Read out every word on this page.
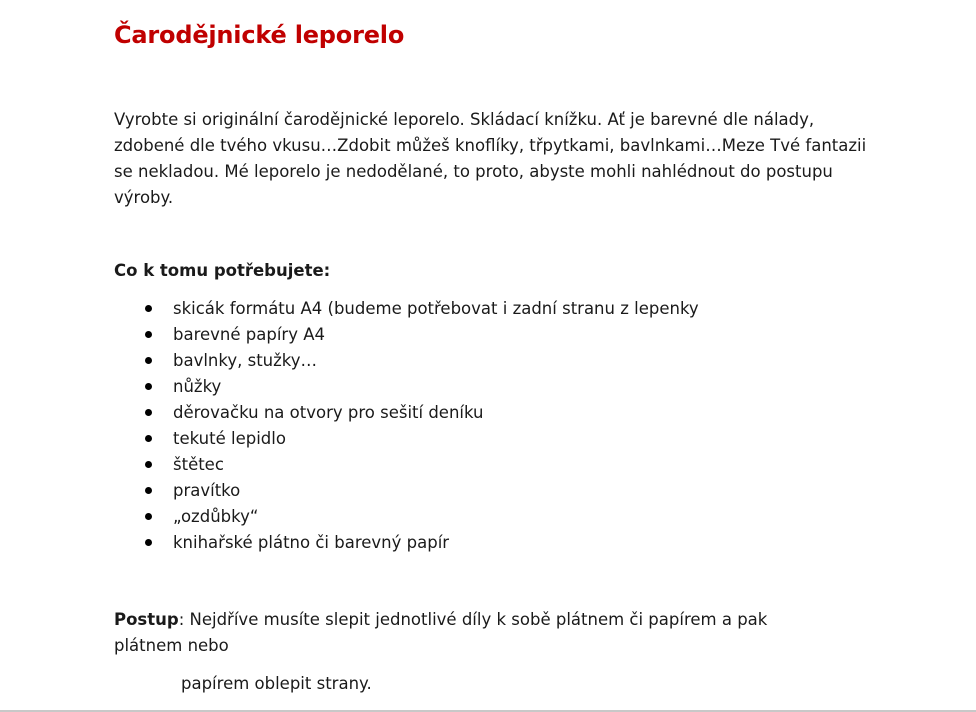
Čarodějnické leporelo

Vyrobte si originální čarodějnické leporelo. Skládací knížku. Ať je barevné dle nálady, zdobené dle tvého vkusu…Zdobit můžeš knoflíky, třpytkami, bavlnkami…Meze Tvé fantazii se nekladou. Mé leporelo je nedodělané, to proto, abyste mohli nahlédnout do postupu výroby.

Co k tomu potřebujete:

skicák formátu A4 (budeme potřebovat i zadní stranu z lepenky
barevné papíry A4
bavlnky, stužky…
nůžky
děrovačku na otvory pro sešití deníku
tekuté lepidlo
štětec
pravítko
„ozdůbky“
knihařské plátno či barevný papír

Postup: Nejdříve musíte slepit jednotlivé díly k sobě plátnem či papírem a pak plátnem nebo

papírem oblepit strany.
